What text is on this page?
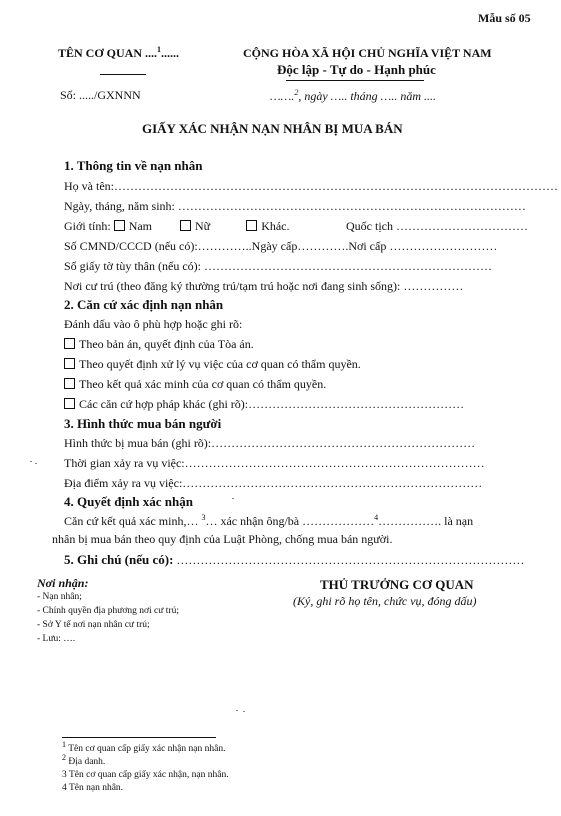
Mẫu số 05
TÊN CƠ QUAN ....$^1$......
Số: ...../GXNNN
CỘNG HÒA XÃ HỘI CHỦ NGHĨA VIỆT NAM
Độc lập - Tự do - Hạnh phúc
…….$^2$, ngày ….. tháng ….. năm ....
GIẤY XÁC NHẬN NẠN NHÂN BỊ MUA BÁN
1. Thông tin về nạn nhân
Họ và tên:…………………………………………………………………………………………………
Ngày, tháng, năm sinh: ……………………………………………………………………………
Giới tính: Nam	Nữ	Khác.	Quốc tịch ……………………………
Số CMND/CCCD (nếu có):…………..Ngày cấp………….Nơi cấp ………………………
Số giấy tờ tùy thân (nếu có): ………………………………………………………………
Nơi cư trú (theo đăng ký thường trú/tạm trú hoặc nơi đang sinh sống): ……………
2. Căn cứ xác định nạn nhân
Đánh dấu vào ô phù hợp hoặc ghi rõ:
Theo bản án, quyết định của Tòa án.
Theo quyết định xử lý vụ việc của cơ quan có thẩm quyền.
Theo kết quả xác minh của cơ quan có thẩm quyền.
Các căn cứ hợp pháp khác (ghi rõ):………………………………………………
3. Hình thức mua bán người
Hình thức bị mua bán (ghi rõ):…………………………………………………………
Thời gian xảy ra vụ việc:…………………………………………………………………
Địa điểm xảy ra vụ việc:…………………………………………………………………
4. Quyết định xác nhận
Căn cứ kết quả xác minh,… $^3$… xác nhận ông/bà ………………$^4$……………. là nạn
nhân bị mua bán theo quy định của Luật Phòng, chống mua bán người.
5. Ghi chú (nếu có): ……………………………………………………………………………
Nơi nhận:
- Nạn nhân;
- Chính quyền địa phương nơi cư trú;
- Sở Y tế nơi nạn nhân cư trú;
- Lưu: ….
THỦ TRƯỞNG CƠ QUAN
(Ký, ghi rõ họ tên, chức vụ, đóng dấu)
$^1$ Tên cơ quan cấp giấy xác nhận nạn nhân.
$^2$ Địa danh.
3 Tên cơ quan cấp giấy xác nhận, nạn nhân.
4 Tên nạn nhân.
